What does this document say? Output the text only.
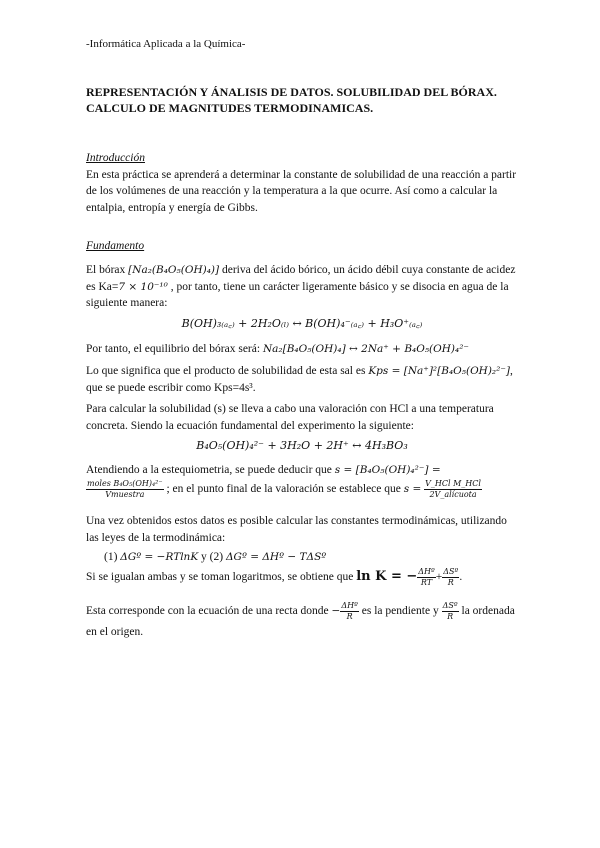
-Informática Aplicada a la Química-
REPRESENTACIÓN Y ÁNALISIS DE DATOS. SOLUBILIDAD DEL BÓRAX.
CALCULO DE MAGNITUDES TERMODINAMICAS.
Introducción
En esta práctica se aprenderá a determinar la constante de solubilidad de una reacción a partir de los volúmenes de una reacción y la temperatura a la que ocurre. Así como a calcular la entalpia, entropía y energía de Gibbs.
Fundamento
El bórax [Na₂(B₄O₅(OH)₄)] deriva del ácido bórico, un ácido débil cuya constante de acidez es Ka=7 × 10⁻¹⁰ , por tanto, tiene un carácter ligeramente básico y se disocia en agua de la siguiente manera:
B(OH)₃₍ₐ꜀₎ + 2H₂O₍ₗ₎ ↔ B(OH)₄⁻₍ₐ꜀₎ + H₃O⁺₍ₐ꜀₎
Por tanto, el equilibrio del bórax será: Na₂[B₄O₅(OH)₄] ↔ 2Na⁺ + B₄O₅(OH)₄²⁻
Lo que significa que el producto de solubilidad de esta sal es Kps = [Na⁺]²[B₄O₅(OH)₂²⁻], que se puede escribir como Kps=4s³.
Para calcular la solubilidad (s) se lleva a cabo una valoración con HCl a una temperatura concreta. Siendo la ecuación fundamental del experimento la siguiente:
B₄O₅(OH)₄²⁻ + 3H₂O + 2H⁺ ↔ 4H₃BO₃
Atendiendo a la estequiometria, se puede deducir que s = [B₄O₅(OH)₄²⁻] =
$\frac{\text{moles B₄O₅(OH)₄²⁻}}{\text{Vmuestra}}$ ; en el punto final de la valoración se establece que $s = \frac{\text{V\_HCl M\_HCl}}{\text{2V\_alícuota}}$
Una vez obtenidos estos datos es posible calcular las constantes termodinámicas, utilizando las leyes de la termodinámica:
(1) ΔGº = −RTlnK y (2) ΔGº = ΔHº − TΔSº
Si se igualan ambas y se toman logaritmos, se obtiene que ln K = − $\frac{\text{ΔHº}}{RT} + \frac{\text{ΔSº}}{R}$ .
Esta corresponde con la ecuación de una recta donde − $\frac{\text{ΔHº}}{R}$ es la pendiente y $\frac{\text{ΔSº}}{R}$ la ordenada en el origen.
